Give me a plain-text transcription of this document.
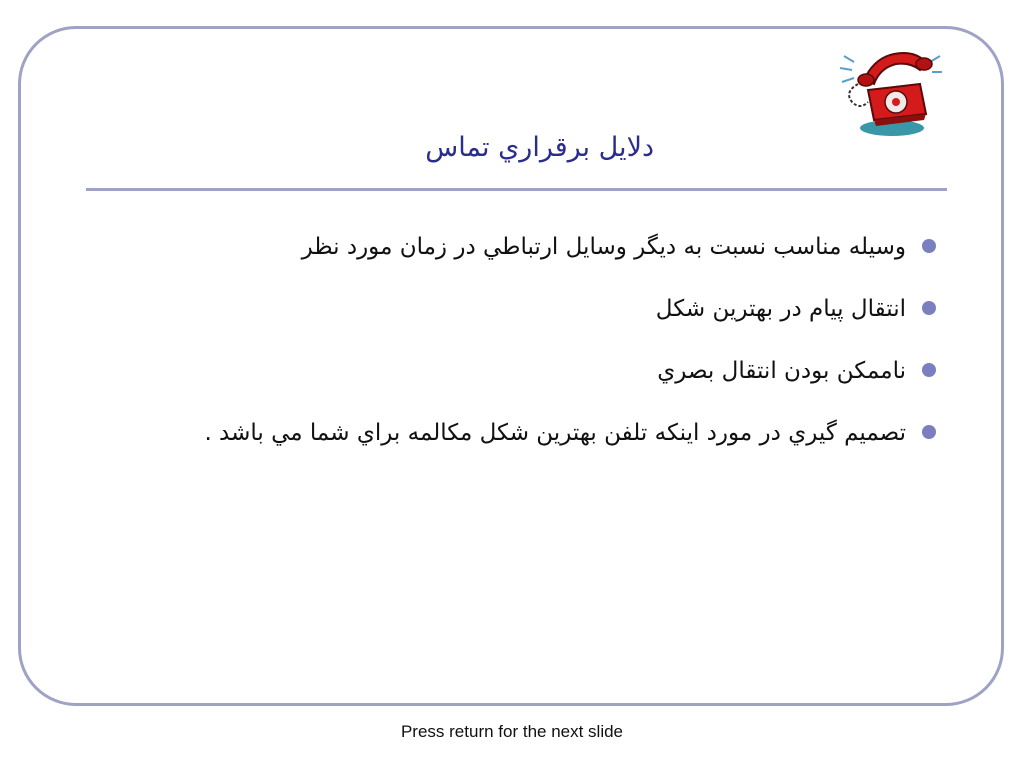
دلايل برقراري تماس
وسيله مناسب نسبت به ديگر وسايل ارتباطي در زمان مورد نظر
انتقال پيام در بهترين شكل
ناممكن بودن انتقال بصري
تصميم گيري در مورد اينكه تلفن بهترين شكل مكالمه براي شما مي باشد .
Press return for the next slide
